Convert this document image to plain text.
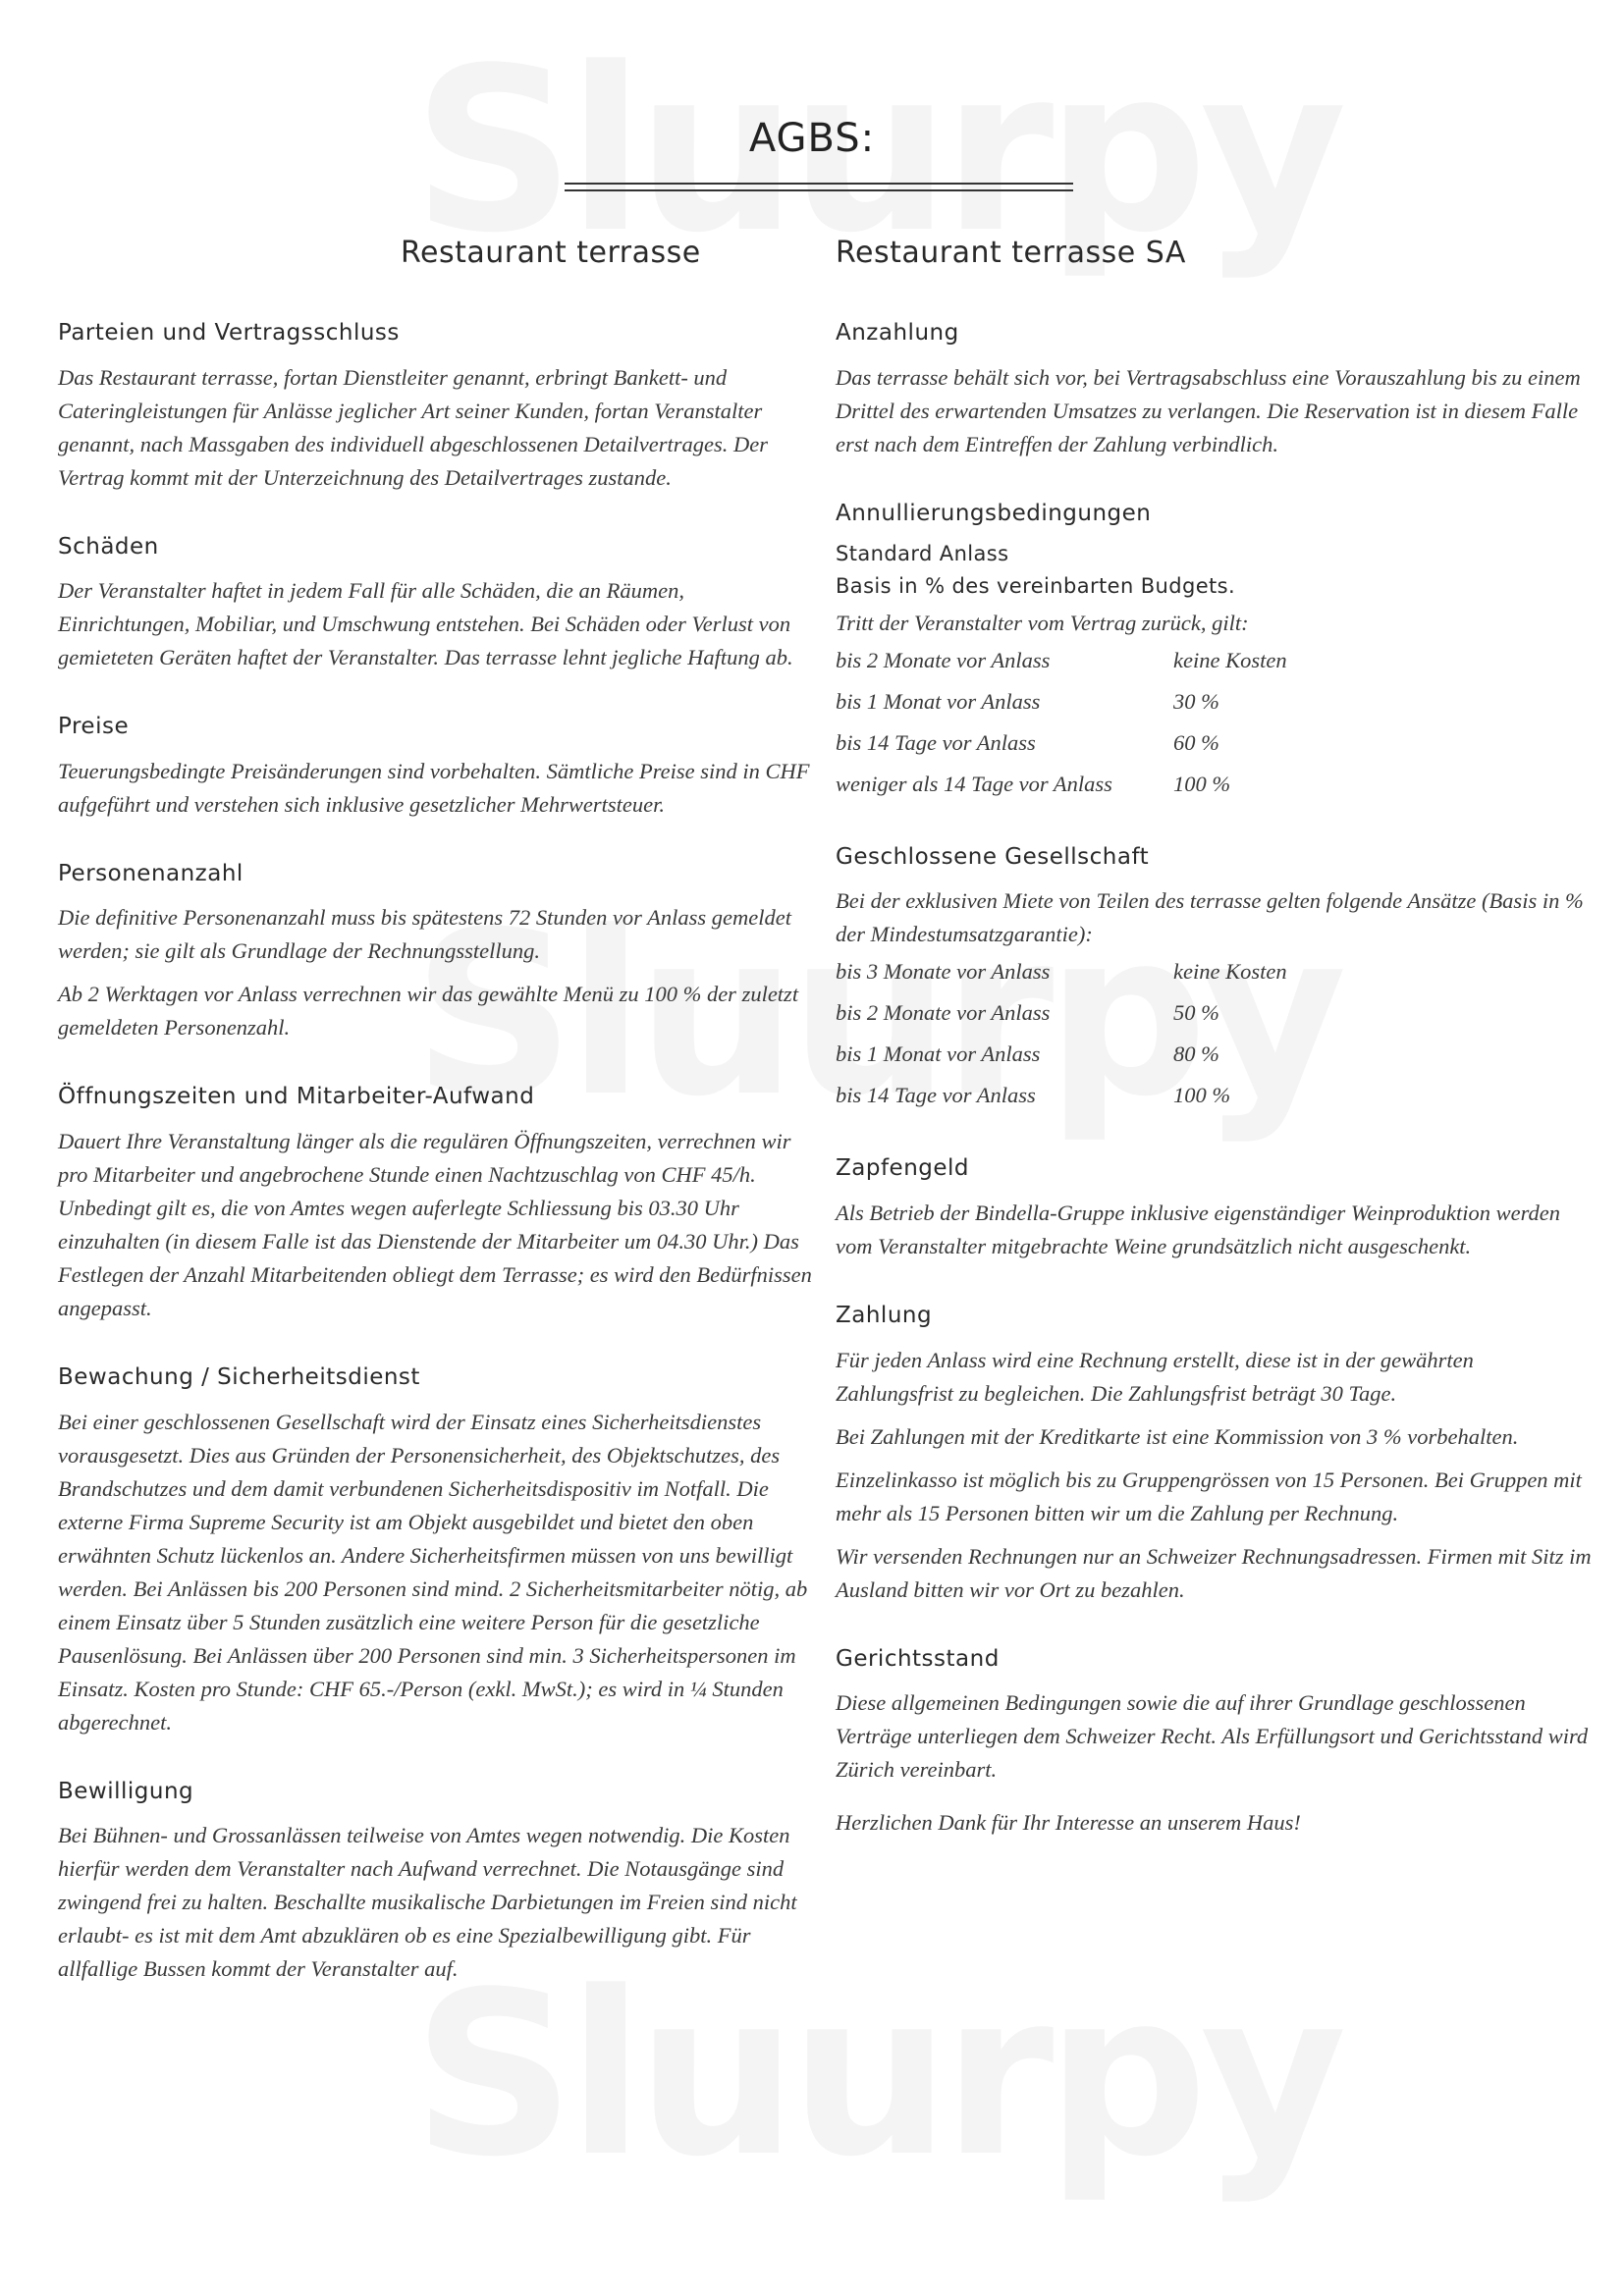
AGBS:
Restaurant terrasse	Restaurant terrasse SA
Parteien und Vertragsschluss

Das Restaurant terrasse, fortan Dienstleiter genannt, erbringt Bankett- und Cateringleistungen für Anlässe jeglicher Art seiner Kunden, fortan Veranstalter genannt, nach Massgaben des individuell abgeschlossenen Detailvertrages. Der Vertrag kommt mit der Unterzeichnung des Detailvertrages zustande.

Schäden

Der Veranstalter haftet in jedem Fall für alle Schäden, die an Räumen, Einrichtungen, Mobiliar, und Umschwung entstehen. Bei Schäden oder Verlust von gemieteten Geräten haftet der Veranstalter. Das terrasse lehnt jegliche Haftung ab.

Preise

Teuerungsbedingte Preisänderungen sind vorbehalten. Sämtliche Preise sind in CHF aufgeführt und verstehen sich inklusive gesetzlicher Mehrwertsteuer.

Personenanzahl

Die definitive Personenanzahl muss bis spätestens 72 Stunden vor Anlass gemeldet werden; sie gilt als Grundlage der Rechnungsstellung.

Ab 2 Werktagen vor Anlass verrechnen wir das gewählte Menü zu 100 % der zuletzt gemeldeten Personenzahl.

Öffnungszeiten und Mitarbeiter-Aufwand

Dauert Ihre Veranstaltung länger als die regulären Öffnungszeiten, verrechnen wir pro Mitarbeiter und angebrochene Stunde einen Nachtzuschlag von CHF 45/h. Unbedingt gilt es, die von Amtes wegen auferlegte Schliessung bis 03.30 Uhr einzuhalten (in diesem Falle ist das Dienstende der Mitarbeiter um 04.30 Uhr.) Das Festlegen der Anzahl Mitarbeitenden obliegt dem Terrasse; es wird den Bedürfnissen angepasst.

Bewachung / Sicherheitsdienst

Bei einer geschlossenen Gesellschaft wird der Einsatz eines Sicherheitsdienstes vorausgesetzt. Dies aus Gründen der Personensicherheit, des Objektschutzes, des Brandschutzes und dem damit verbundenen Sicherheitsdispositiv im Notfall. Die externe Firma Supreme Security ist am Objekt ausgebildet und bietet den oben erwähnten Schutz lückenlos an. Andere Sicherheitsfirmen müssen von uns bewilligt werden. Bei Anlässen bis 200 Personen sind mind. 2 Sicherheitsmitarbeiter nötig, ab einem Einsatz über 5 Stunden zusätzlich eine weitere Person für die gesetzliche Pausenlösung. Bei Anlässen über 200 Personen sind min. 3 Sicherheitspersonen im Einsatz. Kosten pro Stunde: CHF 65.-/Person (exkl. MwSt.); es wird in ¼ Stunden abgerechnet.

Bewilligung

Bei Bühnen- und Grossanlässen teilweise von Amtes wegen notwendig. Die Kosten hierfür werden dem Veranstalter nach Aufwand verrechnet. Die Notausgänge sind zwingend frei zu halten. Beschallte musikalische Darbietungen im Freien sind nicht erlaubt- es ist mit dem Amt abzuklären ob es eine Spezialbewilligung gibt. Für allfallige Bussen kommt der Veranstalter auf.

Anzahlung

Das terrasse behält sich vor, bei Vertragsabschluss eine Vorauszahlung bis zu einem Drittel des erwartenden Umsatzes zu verlangen. Die Reservation ist in diesem Falle erst nach dem Eintreffen der Zahlung verbindlich.

Annullierungsbedingungen
Standard Anlass
Basis in % des vereinbarten Budgets.

Tritt der Veranstalter vom Vertrag zurück, gilt:

bis 2 Monate vor Anlass	keine Kosten
bis 1 Monat vor Anlass	30 %
bis 14 Tage vor Anlass	60 %
weniger als 14 Tage vor Anlass	100 %
Geschlossene Gesellschaft

Bei der exklusiven Miete von Teilen des terrasse gelten folgende Ansätze (Basis in % der Mindestumsatzgarantie):

bis 3 Monate vor Anlass	keine Kosten
bis 2 Monate vor Anlass	50 %
bis 1 Monat vor Anlass	80 %
bis 14 Tage vor Anlass	100 %
Zapfengeld

Als Betrieb der Bindella-Gruppe inklusive eigenständiger Weinproduktion werden vom Veranstalter mitgebrachte Weine grundsätzlich nicht ausgeschenkt.

Zahlung

Für jeden Anlass wird eine Rechnung erstellt, diese ist in der gewährten Zahlungsfrist zu begleichen. Die Zahlungsfrist beträgt 30 Tage.

Bei Zahlungen mit der Kreditkarte ist eine Kommission von 3 % vorbehalten.

Einzelinkasso ist möglich bis zu Gruppengrössen von 15 Personen. Bei Gruppen mit mehr als 15 Personen bitten wir um die Zahlung per Rechnung.

Wir versenden Rechnungen nur an Schweizer Rechnungsadressen. Firmen mit Sitz im Ausland bitten wir vor Ort zu bezahlen.

Gerichtsstand

Diese allgemeinen Bedingungen sowie die auf ihrer Grundlage geschlossenen Verträge unterliegen dem Schweizer Recht. Als Erfüllungsort und Gerichtsstand wird Zürich vereinbart.

Herzlichen Dank für Ihr Interesse an unserem Haus!
